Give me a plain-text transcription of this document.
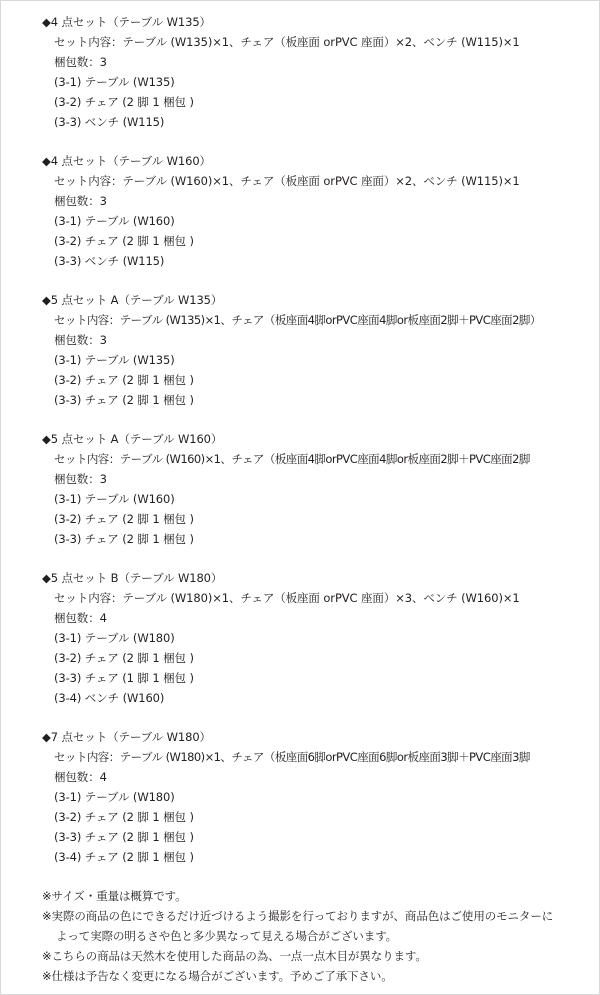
◆4 点セット（テーブル W135）
セット内容：テーブル (W135)×1、チェア（板座面 orPVC 座面）×2、ベンチ (W115)×1
梱包数：3
(3-1) テーブル (W135)
(3-2) チェア (2 脚 1 梱包 )
(3-3) ベンチ (W115)
◆4 点セット（テーブル W160）
セット内容：テーブル (W160)×1、チェア（板座面 orPVC 座面）×2、ベンチ (W115)×1
梱包数：3
(3-1) テーブル (W160)
(3-2) チェア (2 脚 1 梱包 )
(3-3) ベンチ (W115)
◆5 点セット A（テーブル W135）
セット内容：テーブル (W135)×1、チェア（板座面4脚orPVC座面4脚or板座面2脚＋PVC座面2脚）
梱包数：3
(3-1) テーブル (W135)
(3-2) チェア (2 脚 1 梱包 )
(3-3) チェア (2 脚 1 梱包 )
◆5 点セット A（テーブル W160）
セット内容：テーブル (W160)×1、チェア（板座面4脚orPVC座面4脚or板座面2脚＋PVC座面2脚
梱包数：3
(3-1) テーブル (W160)
(3-2) チェア (2 脚 1 梱包 )
(3-3) チェア (2 脚 1 梱包 )
◆5 点セット B（テーブル W180）
セット内容：テーブル (W180)×1、チェア（板座面 orPVC 座面）×3、ベンチ (W160)×1
梱包数：4
(3-1) テーブル (W180)
(3-2) チェア (2 脚 1 梱包 )
(3-3) チェア (1 脚 1 梱包 )
(3-4) ベンチ (W160)
◆7 点セット（テーブル W180）
セット内容：テーブル (W180)×1、チェア（板座面6脚orPVC座面6脚or板座面3脚＋PVC座面3脚
梱包数：4
(3-1) テーブル (W180)
(3-2) チェア (2 脚 1 梱包 )
(3-3) チェア (2 脚 1 梱包 )
(3-4) チェア (2 脚 1 梱包 )
※サイズ・重量は概算です。
※実際の商品の色にできるだけ近づけるよう撮影を行っておりますが、商品色はご使用のモニターに
よって実際の明るさや色と多少異なって見える場合がございます。
※こちらの商品は天然木を使用した商品の為、一点一点木目が異なります。
※仕様は予告なく変更になる場合がございます。予めご了承下さい。
